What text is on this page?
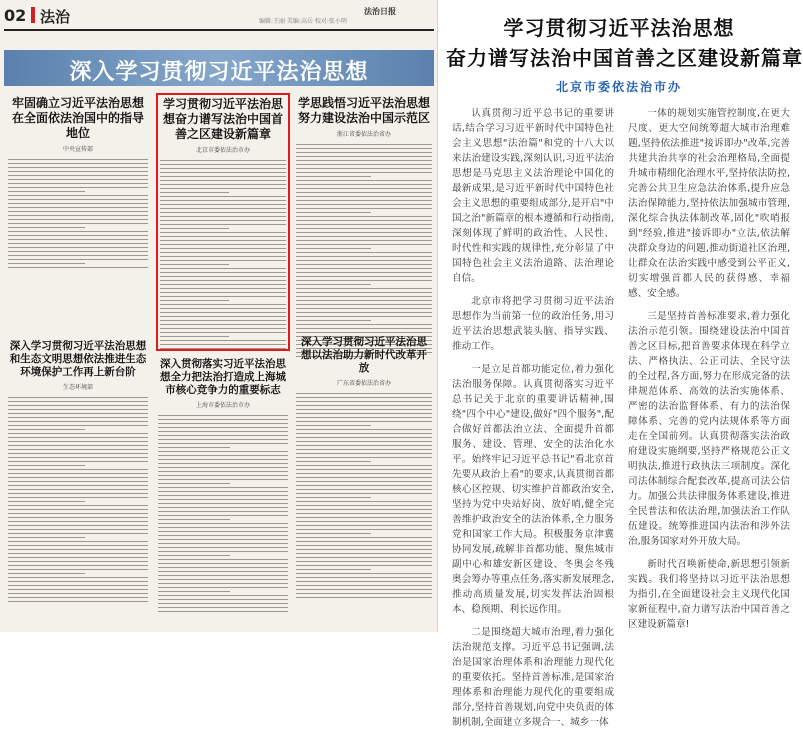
02 法治	法治日报
编辑:王丽 美编:高岳 校对:张小明
深入学习贯彻习近平法治思想
牢固确立习近平法治思想在全面依法治国中的指导地位
中央宣传部
学习贯彻习近平法治思想奋力谱写法治中国首善之区建设新篇章
北京市委依法治市办
学思践悟习近平法治思想努力建设法治中国示范区
浙江省委依法治省办
深入学习贯彻习近平法治思想和生态文明思想依法推进生态环境保护工作再上新台阶
生态环境部
深入贯彻落实习近平法治思想全力把法治打造成上海城市核心竞争力的重要标志
上海市委依法治市办
深入学习贯彻习近平法治思想以法治助力新时代改革开放
广东省委依法治省办
学习贯彻习近平法治思想
奋力谱写法治中国首善之区建设新篇章
北京市委依法治市办

认真贯彻习近平总书记的重要讲话,结合学习习近平新时代中国特色社会主义思想"法治篇"和党的十八大以来法治建设实践,深刻认识,习近平法治思想是马克思主义法治理论中国化的最新成果,是习近平新时代中国特色社会主义思想的重要组成部分,是开启"中国之治"新篇章的根本遵循和行动指南,深刻体现了鲜明的政治性、人民性、时代性和实践的规律性,充分彰显了中国特色社会主义法治道路、法治理论自信。

北京市将把学习贯彻习近平法治思想作为当前第一位的政治任务,用习近平法治思想武装头脑、指导实践、推动工作。

一是立足首都功能定位,着力强化法治服务保障。认真贯彻落实习近平总书记关于北京的重要讲话精神,围绕"四个中心"建设,做好"四个服务",配合做好首都法治立法、全面提升首都服务、建设、管理、安全的法治化水平。始终牢记习近平总书记"看北京首先要从政治上看"的要求,认真贯彻首都核心区控规、切实维护首都政治安全,坚持为党中央站好岗、放好哨,健全完善维护政治安全的法治体系,全力服务党和国家工作大局。积极服务京津冀协同发展,疏解非首都功能、聚焦城市副中心和雄安新区建设、冬奥会冬残奥会筹办等重点任务,落实新发展理念,推动高质量发展,切实发挥法治固根本、稳预期、利长远作用。

二是围绕超大城市治理,着力强化法治规范支撑。习近平总书记强调,法治是国家治理体系和治理能力现代化的重要依托。坚持首善标准,是国家治理体系和治理能力现代化的重要组成部分,坚持首善规划,向党中央负责的体制机制,全面建立多规合一、城乡一体

一体的规划实施管控制度,在更大尺度、更大空间统筹超大城市治理难题,坚持依法推进"接诉即办"改革,完善共建共治共享的社会治理格局,全面提升城市精细化治理水平,坚持依法防控,完善公共卫生应急法治体系,提升应急法治保障能力,坚持依法加强城市管理,深化综合执法体制改革,固化"吹哨报到"经验,推进"接诉即办"立法,依法解决群众身边的问题,推动街道社区治理,让群众在法治实践中感受到公平正义,切实增强首都人民的获得感、幸福感、安全感。

三是坚持首善标准要求,着力强化法治示范引领。围绕建设法治中国首善之区目标,把首善要求体现在科学立法、严格执法、公正司法、全民守法的全过程,各方面,努力在形成完备的法律规范体系、高效的法治实施体系、严密的法治监督体系、有力的法治保障体系、完善的党内法规体系等方面走在全国前列。认真贯彻落实法治政府建设实施纲要,坚持严格规范公正文明执法,推进行政执法三项制度。深化司法体制综合配套改革,提高司法公信力。加强公共法律服务体系建设,推进全民普法和依法治理,加强法治工作队伍建设。统筹推进国内法治和涉外法治,服务国家对外开放大局。

新时代召唤新使命,新思想引领新实践。我们将坚持以习近平法治思想为指引,在全面建设社会主义现代化国家新征程中,奋力谱写法治中国首善之区建设新篇章!
